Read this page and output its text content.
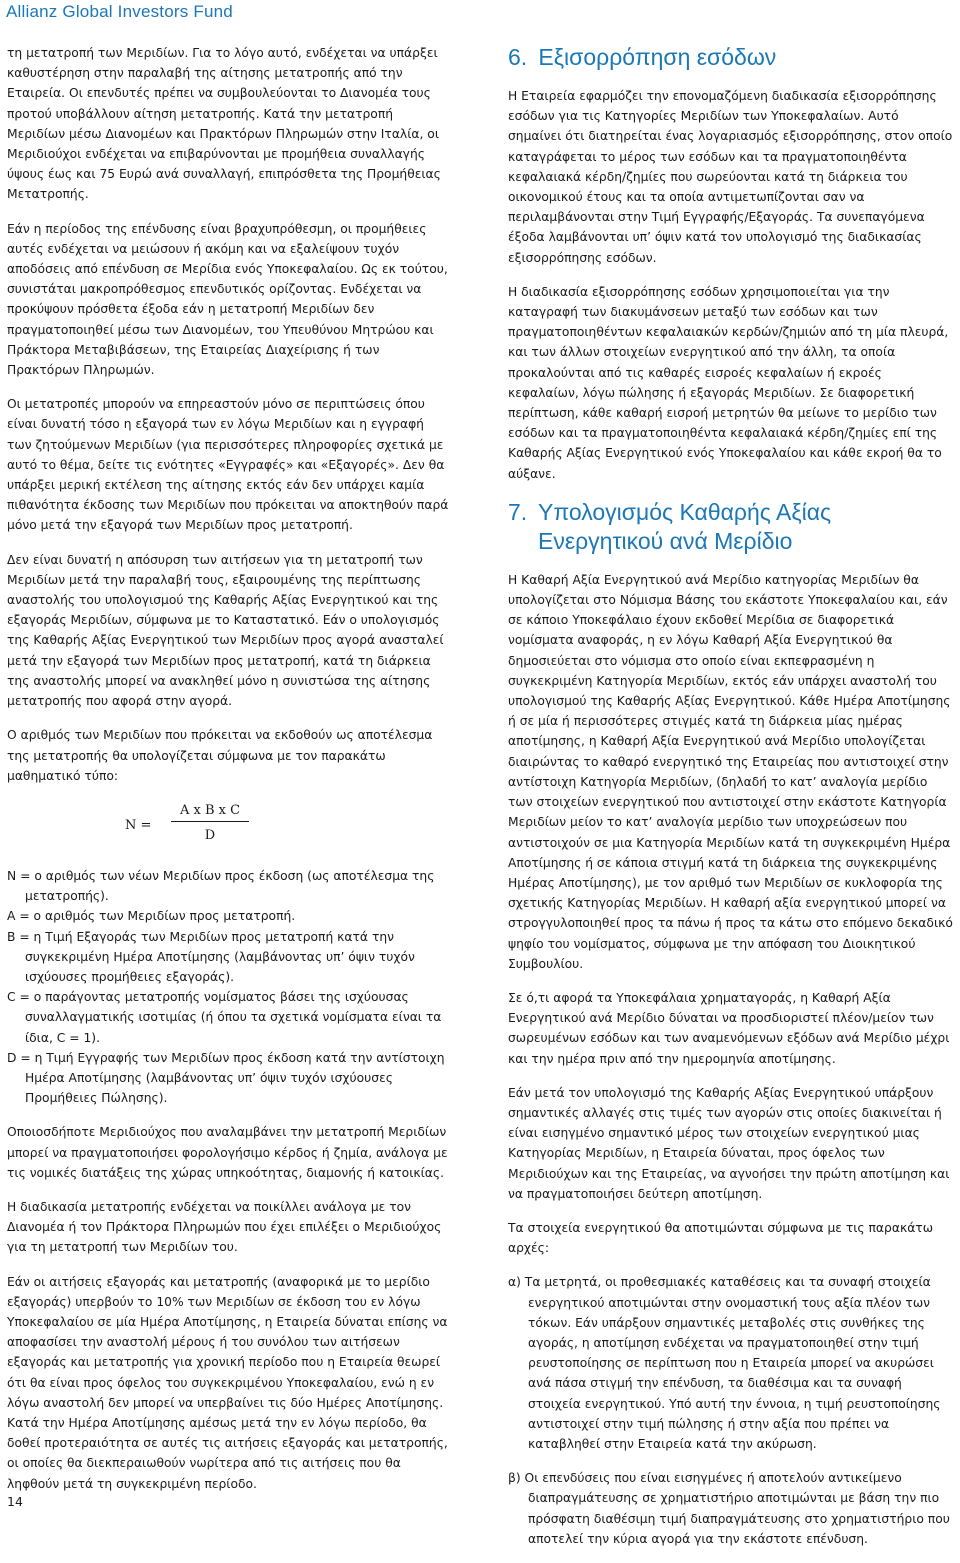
Allianz Global Investors Fund

τη μετατροπή των Μεριδίων. Για το λόγο αυτό, ενδέχεται να υπάρξει καθυστέρηση στην παραλαβή της αίτησης μετατροπής από την Εταιρεία. Οι επενδυτές πρέπει να συμβουλεύονται το Διανομέα τους προτού υποβάλλουν αίτηση μετατροπής. Κατά την μετατροπή Μεριδίων μέσω Διανομέων και Πρακτόρων Πληρωμών στην Ιταλία, οι Μεριδιούχοι ενδέχεται να επιβαρύνονται με προμήθεια συναλλαγής ύψους έως και 75 Ευρώ ανά συναλλαγή, επιπρόσθετα της Προμήθειας Μετατροπής.

Εάν η περίοδος της επένδυσης είναι βραχυπρόθεσμη, οι προμήθειες αυτές ενδέχεται να μειώσουν ή ακόμη και να εξαλείψουν τυχόν αποδόσεις από επένδυση σε Μερίδια ενός Υποκεφαλαίου. Ως εκ τούτου, συνιστάται μακροπρόθεσμος επενδυτικός ορίζοντας. Ενδέχεται να προκύψουν πρόσθετα έξοδα εάν η μετατροπή Μεριδίων δεν πραγματοποιηθεί μέσω των Διανομέων, του Υπευθύνου Μητρώου και Πράκτορα Μεταβιβάσεων, της Εταιρείας Διαχείρισης ή των Πρακτόρων Πληρωμών.

Οι μετατροπές μπορούν να επηρεαστούν μόνο σε περιπτώσεις όπου είναι δυνατή τόσο η εξαγορά των εν λόγω Μεριδίων και η εγγραφή των ζητούμενων Μεριδίων (για περισσότερες πληροφορίες σχετικά με αυτό το θέμα, δείτε τις ενότητες «Εγγραφές» και «Εξαγορές». Δεν θα υπάρξει μερική εκτέλεση της αίτησης εκτός εάν δεν υπάρχει καμία πιθανότητα έκδοσης των Μεριδίων που πρόκειται να αποκτηθούν παρά μόνο μετά την εξαγορά των Μεριδίων προς μετατροπή.

Δεν είναι δυνατή η απόσυρση των αιτήσεων για τη μετατροπή των Μεριδίων μετά την παραλαβή τους, εξαιρουμένης της περίπτωσης αναστολής του υπολογισμού της Καθαρής Αξίας Ενεργητικού και της εξαγοράς Μεριδίων, σύμφωνα με το Καταστατικό. Εάν ο υπολογισμός της Καθαρής Αξίας Ενεργητικού των Μεριδίων προς αγορά ανασταλεί μετά την εξαγορά των Μεριδίων προς μετατροπή, κατά τη διάρκεια της αναστολής μπορεί να ανακληθεί μόνο η συνιστώσα της αίτησης μετατροπής που αφορά στην αγορά.

Ο αριθμός των Μεριδίων που πρόκειται να εκδοθούν ως αποτέλεσμα της μετατροπής θα υπολογίζεται σύμφωνα με τον παρακάτω μαθηματικό τύπο:

N =
A x B x C
D
N = ο αριθμός των νέων Μεριδίων προς έκδοση (ως αποτέλεσμα της μετατροπής).
A = ο αριθμός των Μεριδίων προς μετατροπή.
B = η Τιμή Εξαγοράς των Μεριδίων προς μετατροπή κατά την συγκεκριμένη Ημέρα Αποτίμησης (λαμβάνοντας υπ’ όψιν τυχόν ισχύουσες προμήθειες εξαγοράς).
C = ο παράγοντας μετατροπής νομίσματος βάσει της ισχύουσας συναλλαγματικής ισοτιμίας (ή όπου τα σχετικά νομίσματα είναι τα ίδια, C = 1).
D = η Τιμή Εγγραφής των Μεριδίων προς έκδοση κατά την αντίστοιχη Ημέρα Αποτίμησης (λαμβάνοντας υπ’ όψιν τυχόν ισχύουσες Προμήθειες Πώλησης).

Οποιοσδήποτε Μεριδιούχος που αναλαμβάνει την μετατροπή Μεριδίων μπορεί να πραγματοποιήσει φορολογήσιμο κέρδος ή ζημία, ανάλογα με τις νομικές διατάξεις της χώρας υπηκοότητας, διαμονής ή κατοικίας.

Η διαδικασία μετατροπής ενδέχεται να ποικίλλει ανάλογα με τον Διανομέα ή τον Πράκτορα Πληρωμών που έχει επιλέξει ο Μεριδιούχος για τη μετατροπή των Μεριδίων του.

Εάν οι αιτήσεις εξαγοράς και μετατροπής (αναφορικά με το μερίδιο εξαγοράς) υπερβούν το 10% των Μεριδίων σε έκδοση του εν λόγω Υποκεφαλαίου σε μία Ημέρα Αποτίμησης, η Εταιρεία δύναται επίσης να αποφασίσει την αναστολή μέρους ή του συνόλου των αιτήσεων εξαγοράς και μετατροπής για χρονική περίοδο που η Εταιρεία θεωρεί ότι θα είναι προς όφελος του συγκεκριμένου Υποκεφαλαίου, ενώ η εν λόγω αναστολή δεν μπορεί να υπερβαίνει τις δύο Ημέρες Αποτίμησης. Κατά την Ημέρα Αποτίμησης αμέσως μετά την εν λόγω περίοδο, θα δοθεί προτεραιότητα σε αυτές τις αιτήσεις εξαγοράς και μετατροπής, οι οποίες θα διεκπεραιωθούν νωρίτερα από τις αιτήσεις που θα ληφθούν μετά τη συγκεκριμένη περίοδο.

6. Εξισορρόπηση εσόδων

Η Εταιρεία εφαρμόζει την επονομαζόμενη διαδικασία εξισορρόπησης εσόδων για τις Κατηγορίες Μεριδίων των Υποκεφαλαίων. Αυτό σημαίνει ότι διατηρείται ένας λογαριασμός εξισορρόπησης, στον οποίο καταγράφεται το μέρος των εσόδων και τα πραγματοποιηθέντα κεφαλαιακά κέρδη/ζημίες που σωρεύονται κατά τη διάρκεια του οικονομικού έτους και τα οποία αντιμετωπίζονται σαν να περιλαμβάνονται στην Τιμή Εγγραφής/Εξαγοράς. Τα συνεπαγόμενα έξοδα λαμβάνονται υπ’ όψιν κατά τον υπολογισμό της διαδικασίας εξισορρόπησης εσόδων.

Η διαδικασία εξισορρόπησης εσόδων χρησιμοποιείται για την καταγραφή των διακυμάνσεων μεταξύ των εσόδων και των πραγματοποιηθέντων κεφαλαιακών κερδών/ζημιών από τη μία πλευρά, και των άλλων στοιχείων ενεργητικού από την άλλη, τα οποία προκαλούνται από τις καθαρές εισροές κεφαλαίων ή εκροές κεφαλαίων, λόγω πώλησης ή εξαγοράς Μεριδίων. Σε διαφορετική περίπτωση, κάθε καθαρή εισροή μετρητών θα μείωνε το μερίδιο των εσόδων και τα πραγματοποιηθέντα κεφαλαιακά κέρδη/ζημίες επί της Καθαρής Αξίας Ενεργητικού ενός Υποκεφαλαίου και κάθε εκροή θα το αύξανε.

7. Υπολογισμός Καθαρής Αξίας
Ενεργητικού ανά Μερίδιο

Η Καθαρή Αξία Ενεργητικού ανά Μερίδιο κατηγορίας Μεριδίων θα υπολογίζεται στο Νόμισμα Βάσης του εκάστοτε Υποκεφαλαίου και, εάν σε κάποιο Υποκεφάλαιο έχουν εκδοθεί Μερίδια σε διαφορετικά νομίσματα αναφοράς, η εν λόγω Καθαρή Αξία Ενεργητικού θα δημοσιεύεται στο νόμισμα στο οποίο είναι εκπεφρασμένη η συγκεκριμένη Κατηγορία Μεριδίων, εκτός εάν υπάρχει αναστολή του υπολογισμού της Καθαρής Αξίας Ενεργητικού. Κάθε Ημέρα Αποτίμησης ή σε μία ή περισσότερες στιγμές κατά τη διάρκεια μίας ημέρας αποτίμησης, η Καθαρή Αξία Ενεργητικού ανά Μερίδιο υπολογίζεται διαιρώντας το καθαρό ενεργητικό της Εταιρείας που αντιστοιχεί στην αντίστοιχη Κατηγορία Μεριδίων, (δηλαδή το κατ’ αναλογία μερίδιο των στοιχείων ενεργητικού που αντιστοιχεί στην εκάστοτε Κατηγορία Μεριδίων μείον το κατ’ αναλογία μερίδιο των υποχρεώσεων που αντιστοιχούν σε μια Κατηγορία Μεριδίων κατά τη συγκεκριμένη Ημέρα Αποτίμησης ή σε κάποια στιγμή κατά τη διάρκεια της συγκεκριμένης Ημέρας Αποτίμησης), με τον αριθμό των Μεριδίων σε κυκλοφορία της σχετικής Κατηγορίας Μεριδίων. Η καθαρή αξία ενεργητικού μπορεί να στρογγυλοποιηθεί προς τα πάνω ή προς τα κάτω στο επόμενο δεκαδικό ψηφίο του νομίσματος, σύμφωνα με την απόφαση του Διοικητικού Συμβουλίου.

Σε ό,τι αφορά τα Υποκεφάλαια χρηματαγοράς, η Καθαρή Αξία Ενεργητικού ανά Μερίδιο δύναται να προσδιοριστεί πλέον/μείον των σωρευμένων εσόδων και των αναμενόμενων εξόδων ανά Μερίδιο μέχρι και την ημέρα πριν από την ημερομηνία αποτίμησης.

Εάν μετά τον υπολογισμό της Καθαρής Αξίας Ενεργητικού υπάρξουν σημαντικές αλλαγές στις τιμές των αγορών στις οποίες διακινείται ή είναι εισηγμένο σημαντικό μέρος των στοιχείων ενεργητικού μιας Κατηγορίας Μεριδίων, η Εταιρεία δύναται, προς όφελος των Μεριδιούχων και της Εταιρείας, να αγνοήσει την πρώτη αποτίμηση και να πραγματοποιήσει δεύτερη αποτίμηση.

Τα στοιχεία ενεργητικού θα αποτιμώνται σύμφωνα με τις παρακάτω αρχές:

α) Τα μετρητά, οι προθεσμιακές καταθέσεις και τα συναφή στοιχεία ενεργητικού αποτιμώνται στην ονομαστική τους αξία πλέον των τόκων. Εάν υπάρξουν σημαντικές μεταβολές στις συνθήκες της αγοράς, η αποτίμηση ενδέχεται να πραγματοποιηθεί στην τιμή ρευστοποίησης σε περίπτωση που η Εταιρεία μπορεί να ακυρώσει ανά πάσα στιγμή την επένδυση, τα διαθέσιμα και τα συναφή στοιχεία ενεργητικού. Υπό αυτή την έννοια, η τιμή ρευστοποίησης αντιστοιχεί στην τιμή πώλησης ή στην αξία που πρέπει να καταβληθεί στην Εταιρεία κατά την ακύρωση.

β) Οι επενδύσεις που είναι εισηγμένες ή αποτελούν αντικείμενο διαπραγμάτευσης σε χρηματιστήριο αποτιμώνται με βάση την πιο πρόσφατη διαθέσιμη τιμή διαπραγμάτευσης στο χρηματιστήριο που αποτελεί την κύρια αγορά για την εκάστοτε επένδυση.

14
